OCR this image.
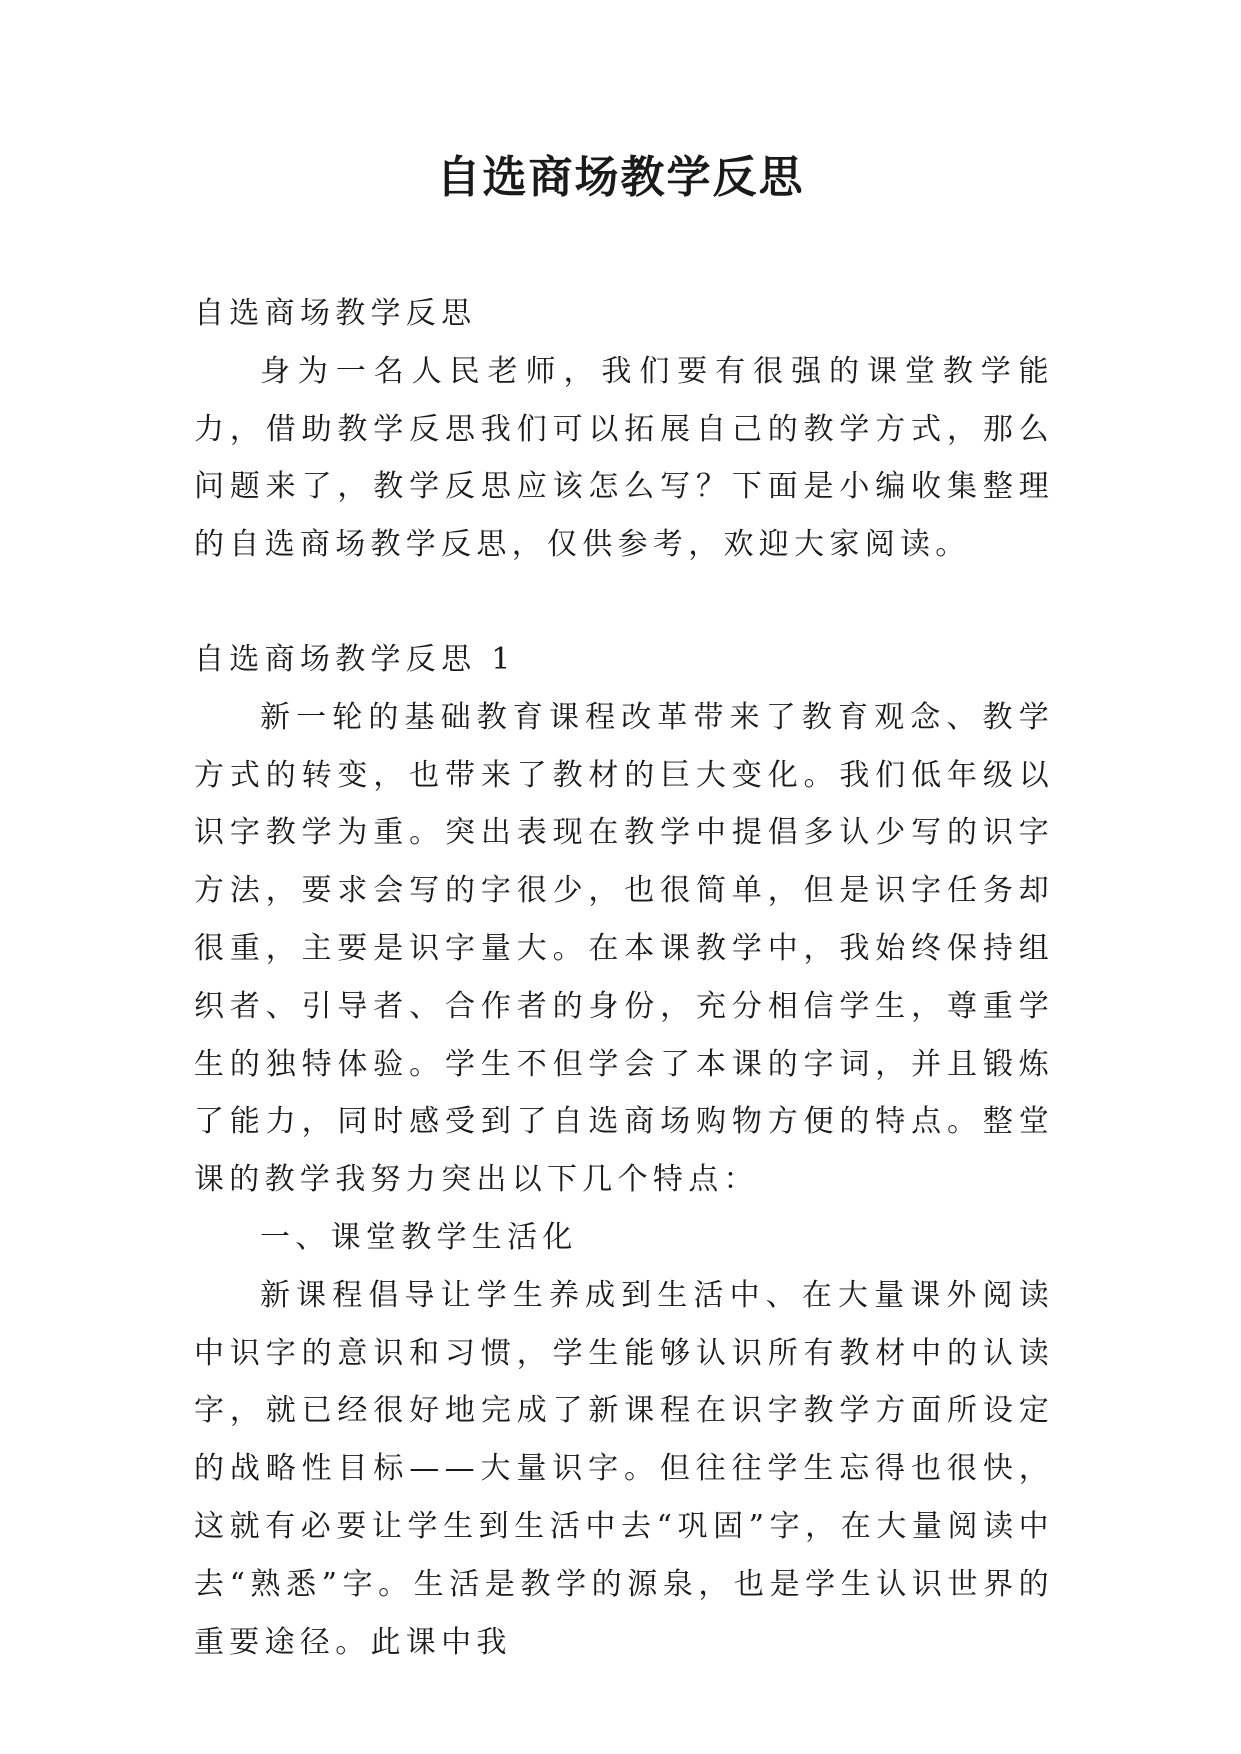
自选商场教学反思

自选商场教学反思

身为一名人民老师，我们要有很强的课堂教学能力，借助教学反思我们可以拓展自己的教学方式，那么问题来了，教学反思应该怎么写？下面是小编收集整理的自选商场教学反思，仅供参考，欢迎大家阅读。

自选商场教学反思 1

新一轮的基础教育课程改革带来了教育观念、教学方式的转变，也带来了教材的巨大变化。我们低年级以识字教学为重。突出表现在教学中提倡多认少写的识字方法，要求会写的字很少，也很简单，但是识字任务却很重，主要是识字量大。在本课教学中，我始终保持组织者、引导者、合作者的身份，充分相信学生，尊重学生的独特体验。学生不但学会了本课的字词，并且锻炼了能力，同时感受到了自选商场购物方便的特点。整堂课的教学我努力突出以下几个特点：

一、课堂教学生活化

新课程倡导让学生养成到生活中、在大量课外阅读中识字的意识和习惯，学生能够认识所有教材中的认读字，就已经很好地完成了新课程在识字教学方面所设定的战略性目标——大量识字。但往往学生忘得也很快，这就有必要让学生到生活中去“巩固”字，在大量阅读中去“熟悉”字。生活是教学的源泉，也是学生认识世界的重要途径。此课中我
